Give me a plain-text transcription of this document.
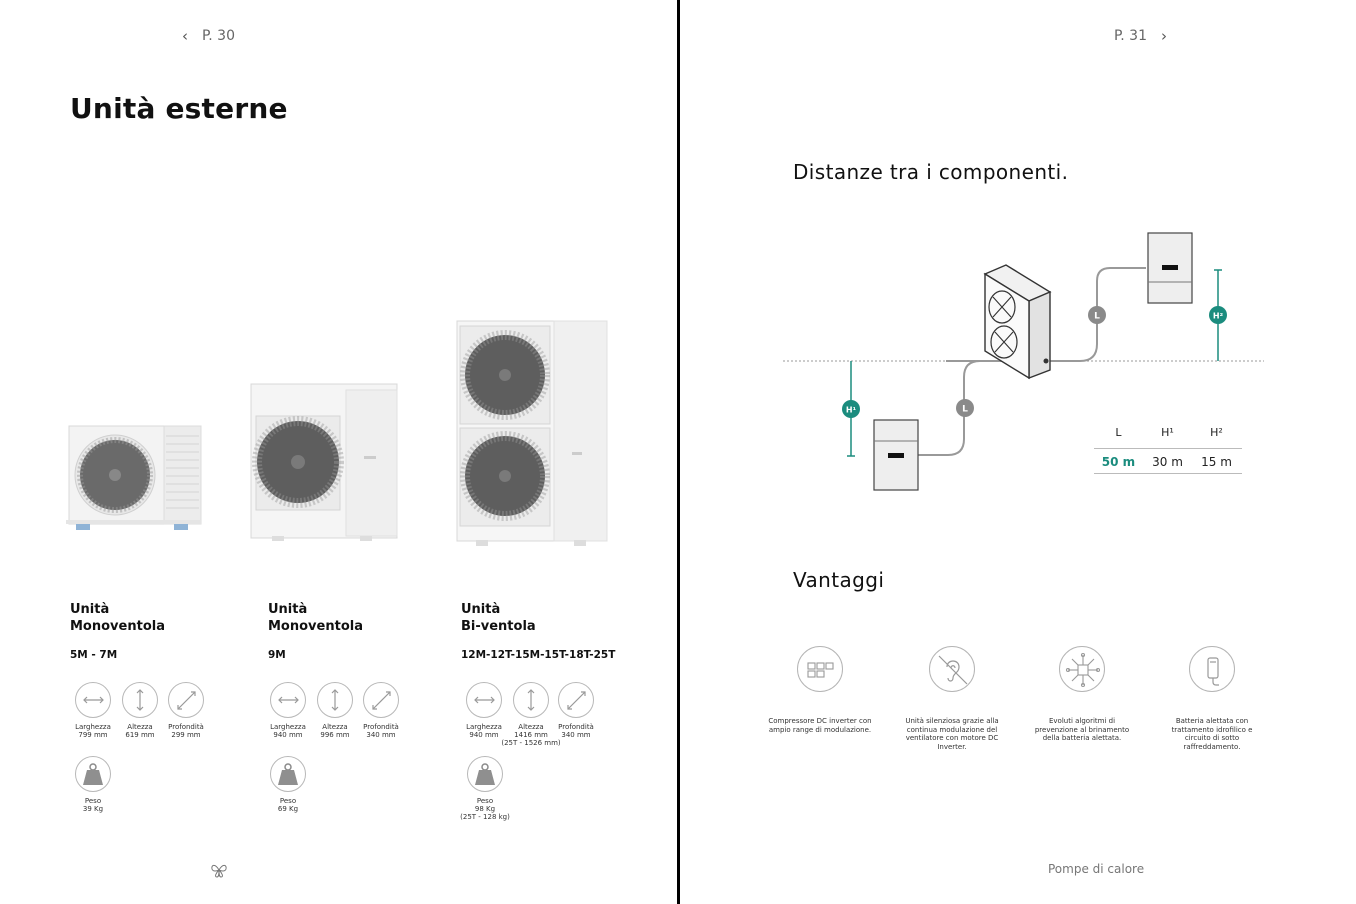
‹ P. 30
Unità esterne
Unità
Monoventola
5M - 7M
Unità
Monoventola
9M
Unità
Bi-ventola
12M-12T-15M-15T-18T-25T
Larghezza
799 mm
Altezza
619 mm
Profondità
299 mm
Peso
39 Kg
Larghezza
940 mm
Altezza
996 mm
Profondità
340 mm
Peso
69 Kg
Larghezza
940 mm
Altezza
1416 mm
(25T - 1526 mm)
Profondità
340 mm
Peso
98 Kg
(25T - 128 kg)
P. 31 ›
Distanze tra i componenti.
L
L
H²
H¹
L	H¹	H²
50 m	30 m	15 m
Vantaggi
Compressore DC inverter con ampio range di modulazione.
Unità silenziosa grazie alla continua modulazione del ventilatore con motore DC Inverter.
Evoluti algoritmi di prevenzione al brinamento della batteria alettata.
Batteria alettata con trattamento idrofilico e circuito di sotto raffreddamento.
Pompe di calore
